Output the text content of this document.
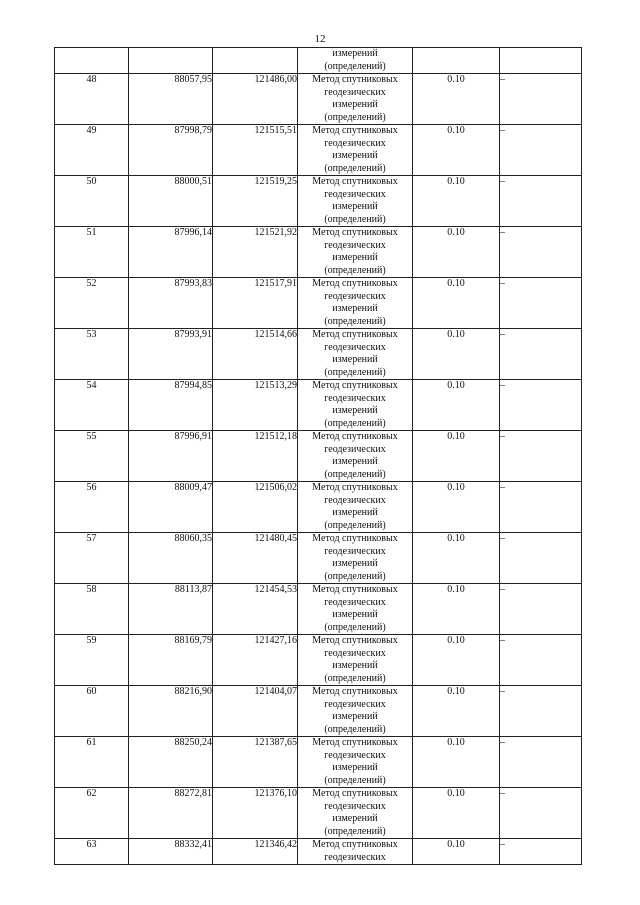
12

			измерений
(определений)		

48	88057,95	121486,00	Метод спутниковых
геодезических
измерений
(определений)	0.10	–
49	87998,79	121515,51	Метод спутниковых
геодезических
измерений
(определений)	0.10	–
50	88000,51	121519,25	Метод спутниковых
геодезических
измерений
(определений)	0.10	–
51	87996,14	121521,92	Метод спутниковых
геодезических
измерений
(определений)	0.10	–
52	87993,83	121517,91	Метод спутниковых
геодезических
измерений
(определений)	0.10	–
53	87993,91	121514,66	Метод спутниковых
геодезических
измерений
(определений)	0.10	–
54	87994,85	121513,29	Метод спутниковых
геодезических
измерений
(определений)	0.10	–
55	87996,91	121512,18	Метод спутниковых
геодезических
измерений
(определений)	0.10	–
56	88009,47	121506,02	Метод спутниковых
геодезических
измерений
(определений)	0.10	–
57	88060,35	121480,45	Метод спутниковых
геодезических
измерений
(определений)	0.10	–
58	88113,87	121454,53	Метод спутниковых
геодезических
измерений
(определений)	0.10	–
59	88169,79	121427,16	Метод спутниковых
геодезических
измерений
(определений)	0.10	–
60	88216,90	121404,07	Метод спутниковых
геодезических
измерений
(определений)	0.10	–
61	88250,24	121387,65	Метод спутниковых
геодезических
измерений
(определений)	0.10	–
62	88272,81	121376,10	Метод спутниковых
геодезических
измерений
(определений)	0.10	–
63	88332,41	121346,42	Метод спутниковых
геодезических	0.10	–
